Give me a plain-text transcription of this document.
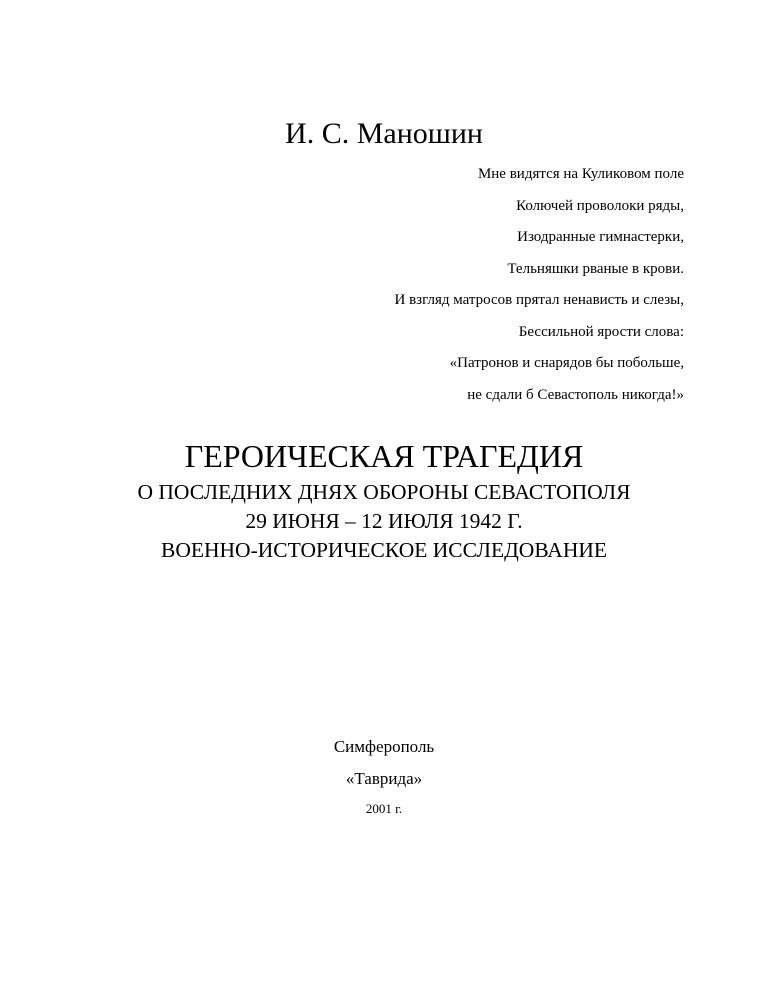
И. С. Маношин
Мне видятся на Куликовом поле
Колючей проволоки ряды,
Изодранные гимнастерки,
Тельняшки рваные в крови.
И взгляд матросов прятал ненависть и слезы,
Бессильной ярости слова:
«Патронов и снарядов бы побольше,
не сдали б Севастополь никогда!»
ГЕРОИЧЕСКАЯ ТРАГЕДИЯ
О ПОСЛЕДНИХ ДНЯХ ОБОРОНЫ СЕВАСТОПОЛЯ
29 ИЮНЯ – 12 ИЮЛЯ 1942 Г.
ВОЕННО-ИСТОРИЧЕСКОЕ ИССЛЕДОВАНИЕ
Симферополь
«Таврида»
2001 г.
